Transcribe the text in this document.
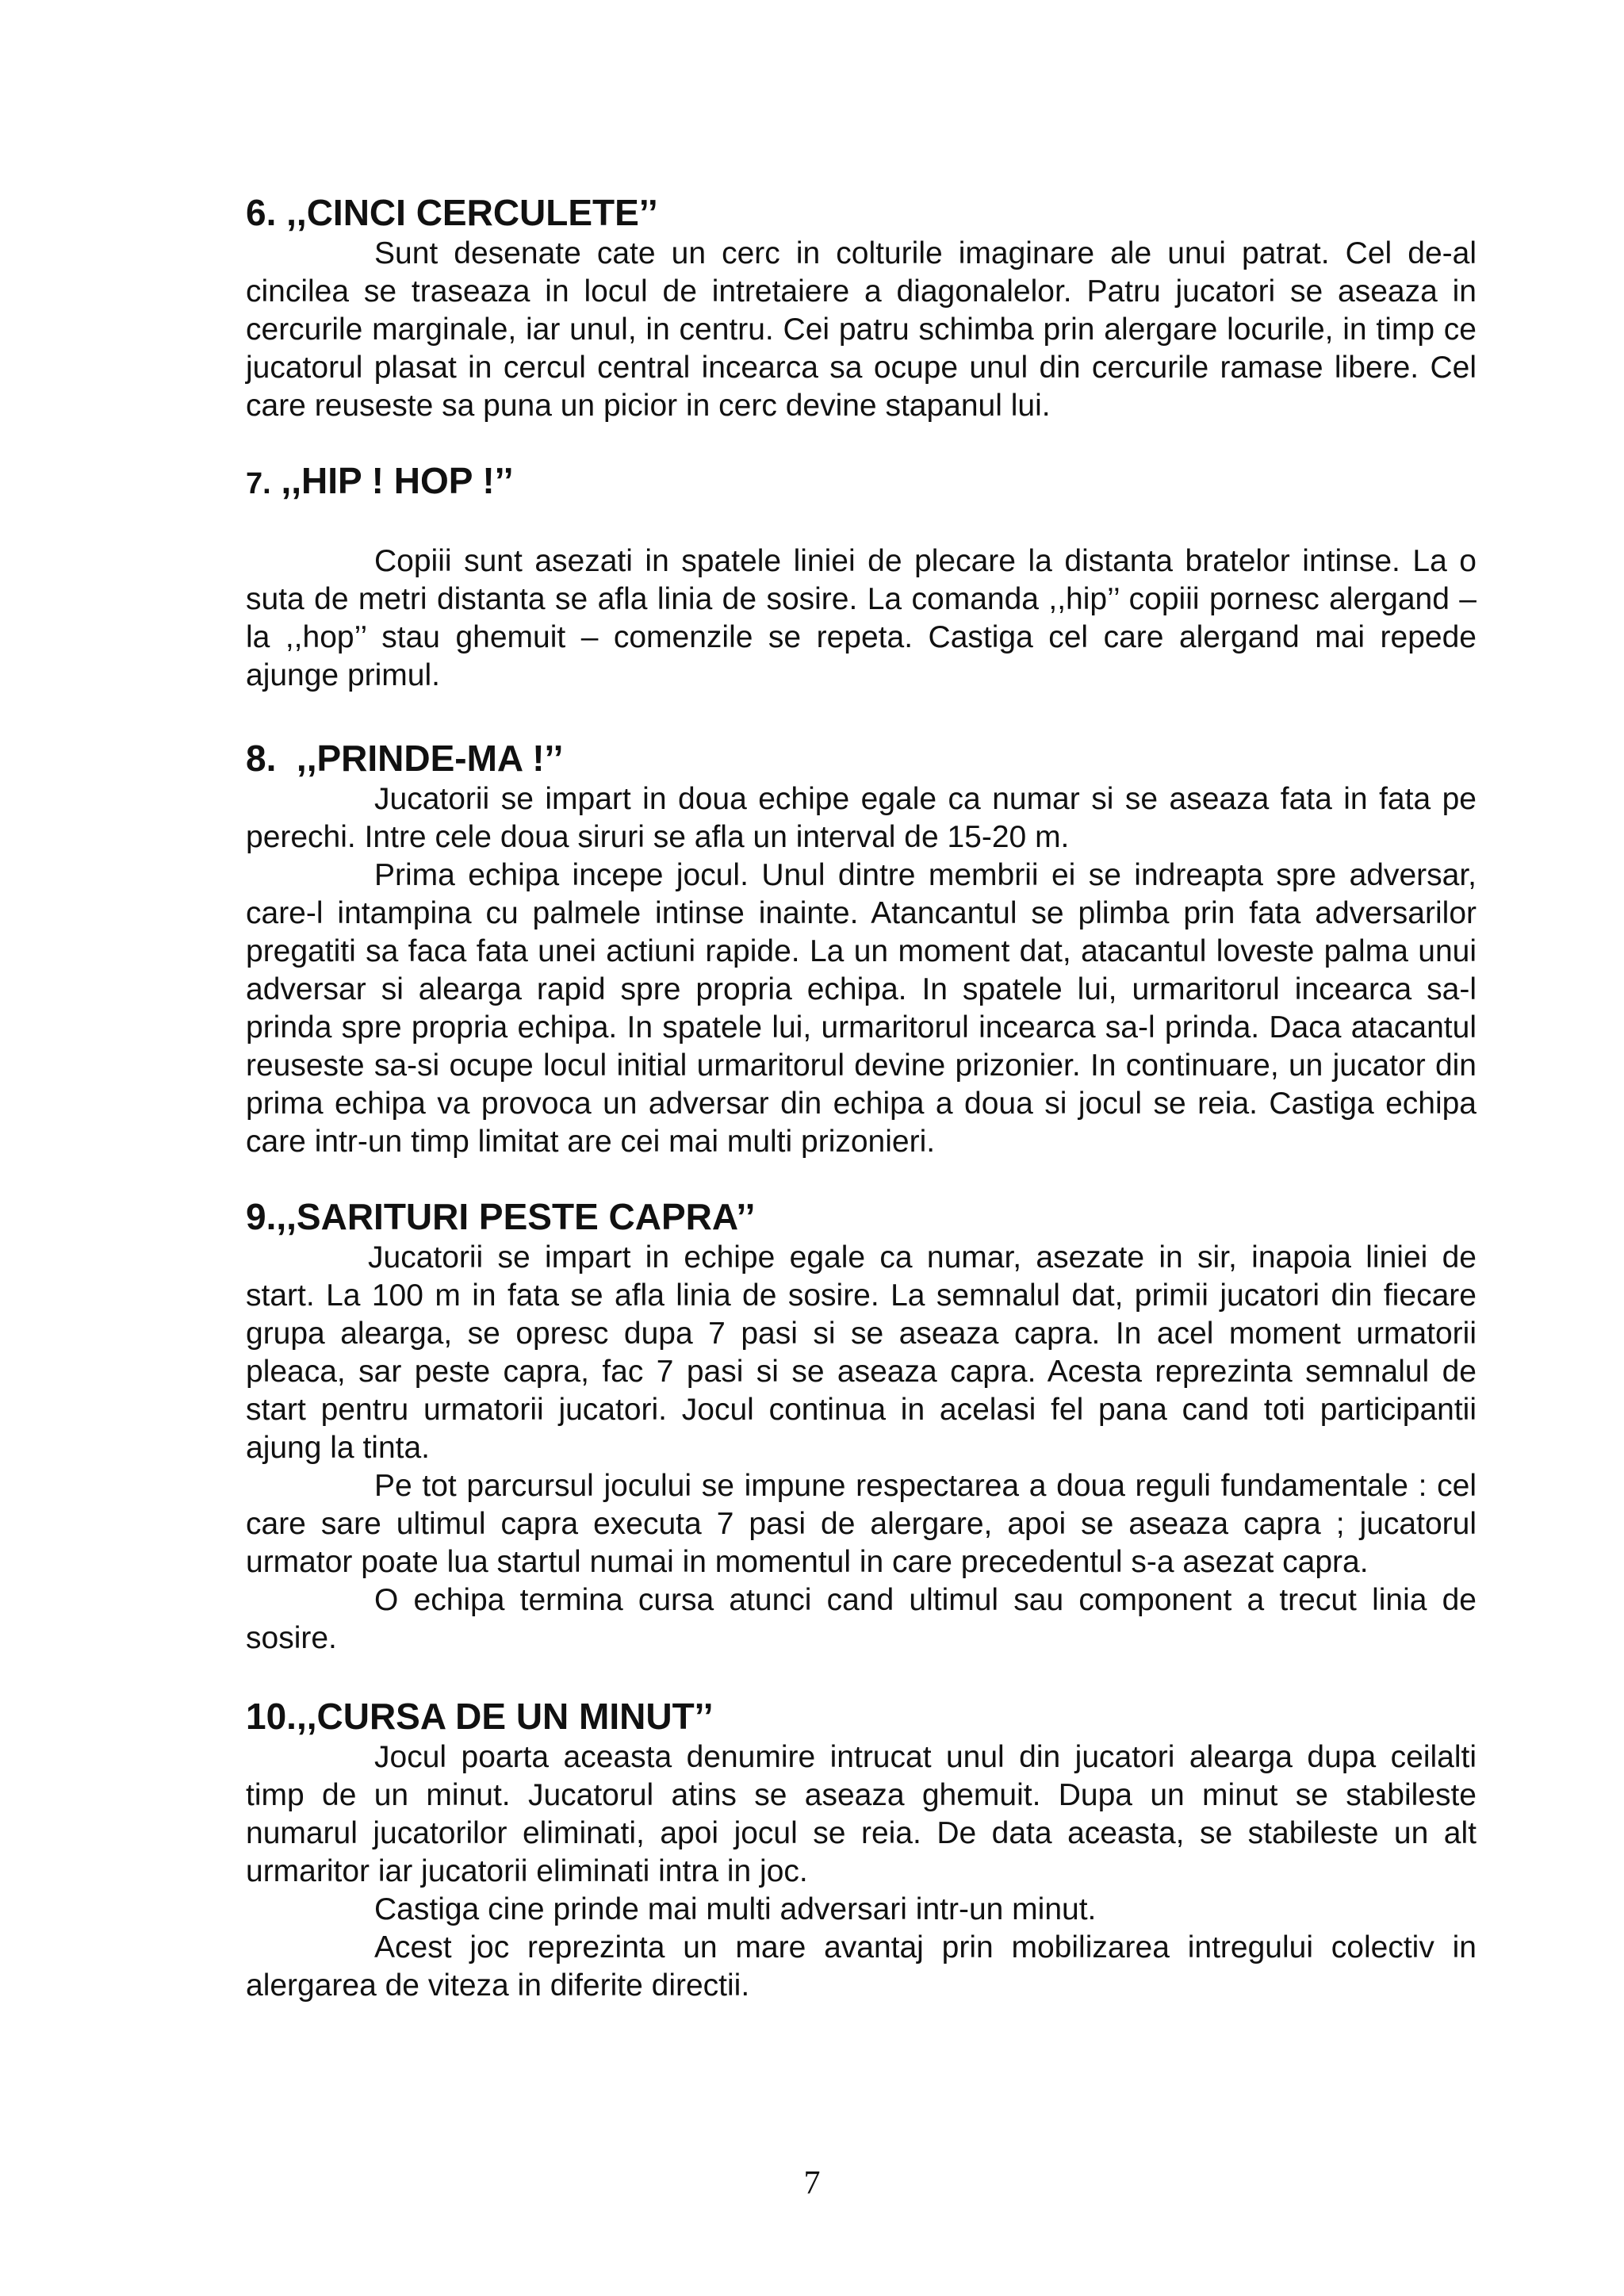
6. ,,CINCI CERCULETE’’

Sunt desenate cate un cerc in colturile imaginare ale unui patrat. Cel de-al cincilea se traseaza in locul de intretaiere a diagonalelor. Patru jucatori se aseaza in cercurile marginale, iar unul, in centru. Cei patru schimba prin alergare locurile, in timp ce jucatorul plasat in cercul central incearca sa ocupe unul din cercurile ramase libere. Cel care reuseste sa puna un picior in cerc devine stapanul lui.

7. ,,HIP ! HOP !’’

Copiii sunt asezati in spatele liniei de plecare la distanta bratelor intinse. La o suta de metri distanta se afla linia de sosire. La comanda ,,hip’’ copiii pornesc alergand – la ,,hop’’ stau ghemuit – comenzile se repeta. Castiga cel care alergand mai repede ajunge primul.

8.  ,,PRINDE-MA !’’

Jucatorii se impart in doua echipe egale ca numar si se aseaza fata in fata pe perechi. Intre cele doua siruri se afla un interval de 15-20 m.

Prima echipa incepe jocul. Unul dintre membrii ei se indreapta spre adversar, care-l intampina cu palmele intinse inainte. Atancantul se plimba prin fata adversarilor pregatiti sa faca fata unei actiuni rapide. La un moment dat, atacantul loveste palma unui adversar si alearga rapid spre propria echipa. In spatele lui, urmaritorul incearca sa-l prinda spre propria echipa. In spatele lui, urmaritorul incearca sa-l prinda. Daca atacantul reuseste sa-si ocupe locul initial urmaritorul devine prizonier. In continuare, un jucator din prima echipa va provoca un adversar din echipa a doua si jocul se reia. Castiga echipa care intr-un timp limitat are cei mai multi prizonieri.

9.,,SARITURI PESTE CAPRA’’

Jucatorii se impart in echipe egale ca numar, asezate in sir, inapoia liniei de start. La 100 m in fata se afla linia de sosire. La semnalul dat, primii jucatori din fiecare grupa alearga, se opresc dupa 7 pasi si se aseaza capra. In acel moment urmatorii pleaca, sar peste capra, fac 7 pasi si se aseaza capra. Acesta reprezinta semnalul de start pentru urmatorii jucatori. Jocul continua in acelasi fel pana cand toti participantii ajung la tinta.

Pe tot parcursul jocului se impune respectarea a doua reguli fundamentale : cel care sare ultimul capra executa 7 pasi de alergare, apoi se aseaza capra ; jucatorul urmator poate lua startul numai in momentul in care precedentul s-a asezat capra.

O echipa termina cursa atunci cand ultimul sau component a trecut linia de sosire.

10.,,CURSA DE UN MINUT’’

Jocul poarta aceasta denumire intrucat unul din jucatori alearga dupa ceilalti timp de un minut. Jucatorul atins se aseaza ghemuit. Dupa un minut se stabileste numarul jucatorilor eliminati, apoi jocul se reia. De data aceasta, se stabileste un alt urmaritor iar jucatorii eliminati intra in joc.

Castiga cine prinde mai multi adversari intr-un minut.

Acest joc reprezinta un mare avantaj prin mobilizarea intregului colectiv in alergarea de viteza in diferite directii.

7
